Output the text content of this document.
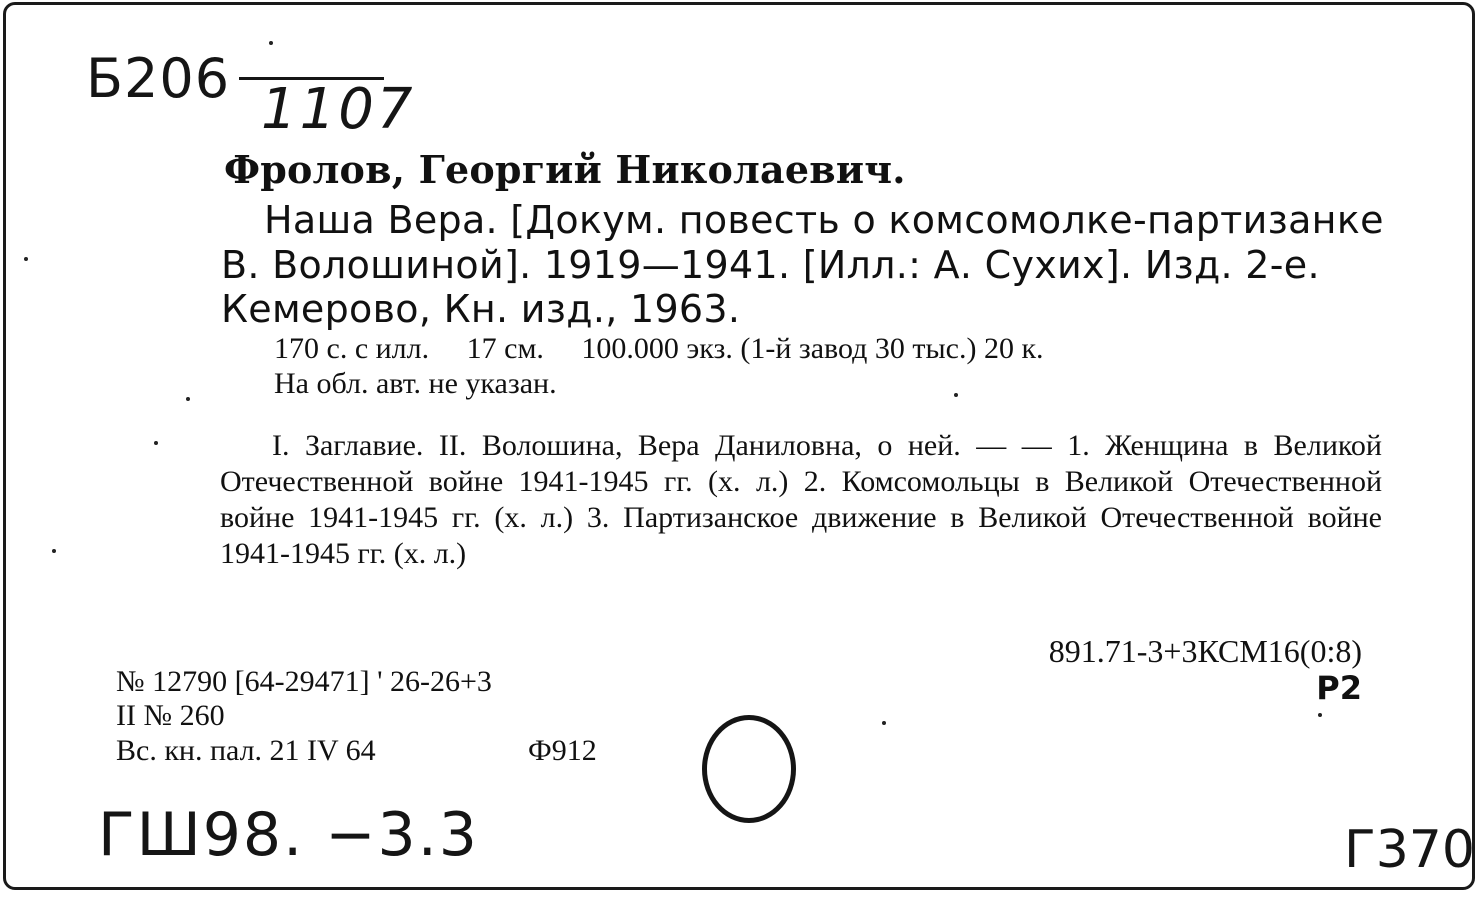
Б206 1107
Фролов, Георгий Николаевич.
Наша Вера. [Докум. повесть о комсомолке-партизанке
В. Волошиной]. 1919—1941. [Илл.: А. Сухих]. Изд. 2-е.
Кемерово, Кн. изд., 1963.
170 с. с илл.     17 см.     100.000 экз. (1-й завод 30 тыс.) 20 к.
На обл. авт. не указан.
I. Заглавие. II. Волошина, Вера Даниловна, о ней. — — 1. Женщина в Великой Отечественной войне 1941-1945 гг. (х. л.) 2. Комсомольцы в Великой Отечественной войне 1941-1945 гг. (х. л.) 3. Партизанское движение в Великой Отечественной войне 1941-1945 гг. (х. л.)
891.71-3+3КСМ16(0:8)
Р2
№ 12790 [64-29471] ' 26-26+3
II № 260
Вс. кн. пал. 21 IV 64	Ф912
ГШ98. −3.3	Г370
